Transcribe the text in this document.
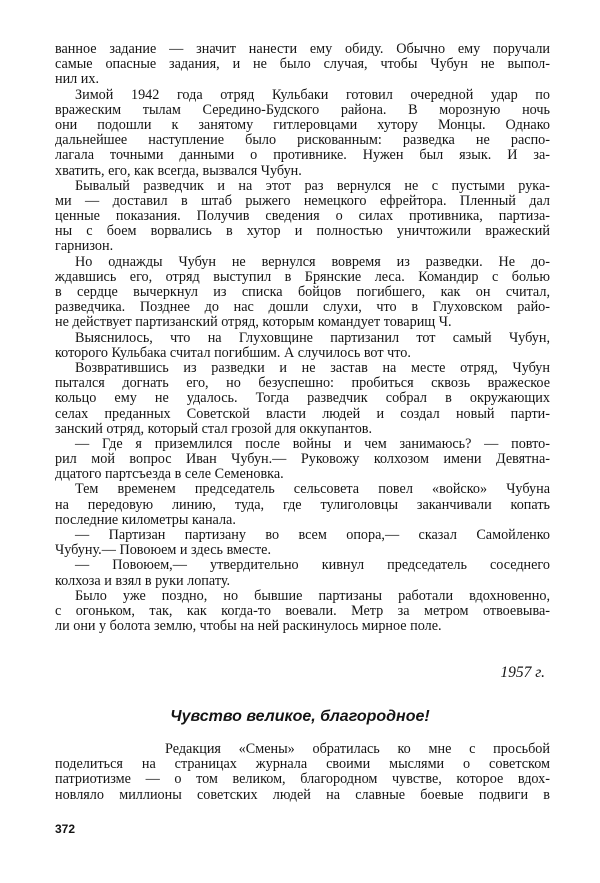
ванное задание — значит нанести ему обиду. Обычно ему поручали
самые опасные задания, и не было случая, чтобы Чубун не выпол-
нил их.
Зимой 1942 года отряд Кульбаки готовил очередной удар по
вражеским тылам Середино-Будского района. В морозную ночь
они подошли к занятому гитлеровцами хутору Монцы. Однако
дальнейшее наступление было рискованным: разведка не распо-
лагала точными данными о противнике. Нужен был язык. И за-
хватить, его, как всегда, вызвался Чубун.
Бывалый разведчик и на этот раз вернулся не с пустыми рука-
ми — доставил в штаб рыжего немецкого ефрейтора. Пленный дал
ценные показания. Получив сведения о силах противника, партиза-
ны с боем ворвались в хутор и полностью уничтожили вражеский
гарнизон.
Но однажды Чубун не вернулся вовремя из разведки. Не до-
ждавшись его, отряд выступил в Брянские леса. Командир с болью
в сердце вычеркнул из списка бойцов погибшего, как он считал,
разведчика. Позднее до нас дошли слухи, что в Глуховском райо-
не действует партизанский отряд, которым командует товарищ Ч.
Выяснилось, что на Глуховщине партизанил тот самый Чубун,
которого Кульбака считал погибшим. А случилось вот что.
Возвратившись из разведки и не застав на месте отряд, Чубун
пытался догнать его, но безуспешно: пробиться сквозь вражеское
кольцо ему не удалось. Тогда разведчик собрал в окружающих
селах преданных Советской власти людей и создал новый парти-
занский отряд, который стал грозой для оккупантов.
— Где я приземлился после войны и чем занимаюсь? — повто-
рил мой вопрос Иван Чубун.— Руковожу колхозом имени Девятна-
дцатого партсъезда в селе Семеновка.
Тем временем председатель сельсовета повел «войско» Чубуна
на передовую линию, туда, где тулиголовцы заканчивали копать
последние километры канала.
— Партизан партизану во всем опора,— сказал Самойленко
Чубуну.— Повоюем и здесь вместе.
— Повоюем,— утвердительно кивнул председатель соседнего
колхоза и взял в руки лопату.
Было уже поздно, но бывшие партизаны работали вдохновенно,
с огоньком, так, как когда-то воевали. Метр за метром отвоевыва-
ли они у болота землю, чтобы на ней раскинулось мирное поле.
1957 г.
Чувство великое, благородное!
Редакция «Смены» обратилась ко мне с просьбой
поделиться на страницах журнала своими мыслями о советском
патриотизме — о том великом, благородном чувстве, которое вдох-
новляло миллионы советских людей на славные боевые подвиги в
372
